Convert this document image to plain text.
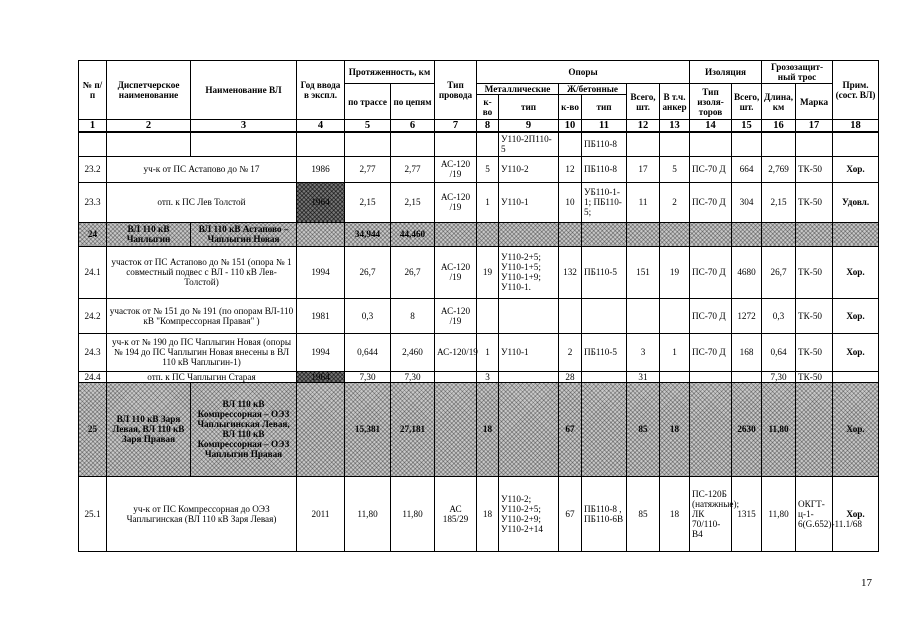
№ п/п	Диспетчерское наименование	Наименование ВЛ	Год ввода в экспл.	Протяженность, км		Тип провода	Опоры						Изоляция		Грозозащит-ный трос		Прим. (сост. ВЛ)
				по трассе	по цепям		Металлические		Ж/бетонные		Всего, шт.	В т.ч. анкер	Тип изоля-торов	Всего, шт.	Длина, км	Марка	
							к-во	тип	к-во	тип							
1	2	3	4	5	6	7	8	9	10	11	12	13	14	15	16	17	18
								У110-2П110-5		ПБ110-8							
23.2	уч-к от ПС Астапово до № 17		1986	2,77	2,77	АС-120 /19	5	У110-2	12	ПБ110-8	17	5	ПС-70 Д	664	2,769	ТК-50	Хор.
23.3	отп. к ПС Лев Толстой		1964	2,15	2,15	АС-120 /19	1	У110-1	10	УБ110-1-1; ПБ110-5;	11	2	ПС-70 Д	304	2,15	ТК-50	Удовл.
24	ВЛ 110 кВ Чаплыгин	ВЛ 110 кВ Астапово – Чаплыгин Новая		34,944	44,460												
24.1	участок от ПС Астапово до № 151 (опора № 1 совместный подвес с ВЛ - 110 кВ Лев-Толстой)		1994	26,7	26,7	АС-120 /19	19	У110-2+5; У110-1+5; У110-1+9; У110-1.	132	ПБ110-5	151	19	ПС-70 Д	4680	26,7	ТК-50	Хор.
24.2	участок от № 151 до № 191 (по опорам ВЛ-110 кВ "Компрессорная Правая" )		1981	0,3	8	АС-120 /19							ПС-70 Д	1272	0,3	ТК-50	Хор.
24.3	уч-к от № 190 до ПС Чаплыгин Новая (опоры № 194 до ПС Чаплыгин Новая внесены в ВЛ 110 кВ Чаплыгин-1)		1994	0,644	2,460	АС-120/19	1	У110-1	2	ПБ110-5	3	1	ПС-70 Д	168	0,64	ТК-50	Хор.
24.4	отп. к ПС Чаплыгин Старая		1964	7,30	7,30		3		28		31				7,30	ТК-50	
25	ВЛ 110 кВ Заря Левая, ВЛ 110 кВ Заря Правая	ВЛ 110 кВ Компрессорная – ОЭЗ Чаплыгинская Левая, ВЛ 110 кВ Компрессорная – ОЭЗ Чаплыгин Правая		15,381	27,181		18		67		85	18		2630	11,80		Хор.
25.1	уч-к от ПС Компрессорная до ОЭЗ Чаплыгинская (ВЛ 110 кВ Заря Левая)		2011	11,80	11,80	АС 185/29	18	У110-2; У110-2+5; У110-2+9; У110-2+14	67	ПБ110-8 , ПБ110-6В	85	18	ПС-120Б (натяжные); ЛК 70/110-В4	1315	11,80	ОКГТ-ц-1-6(G.652)-11.1/68	Хор.
17
